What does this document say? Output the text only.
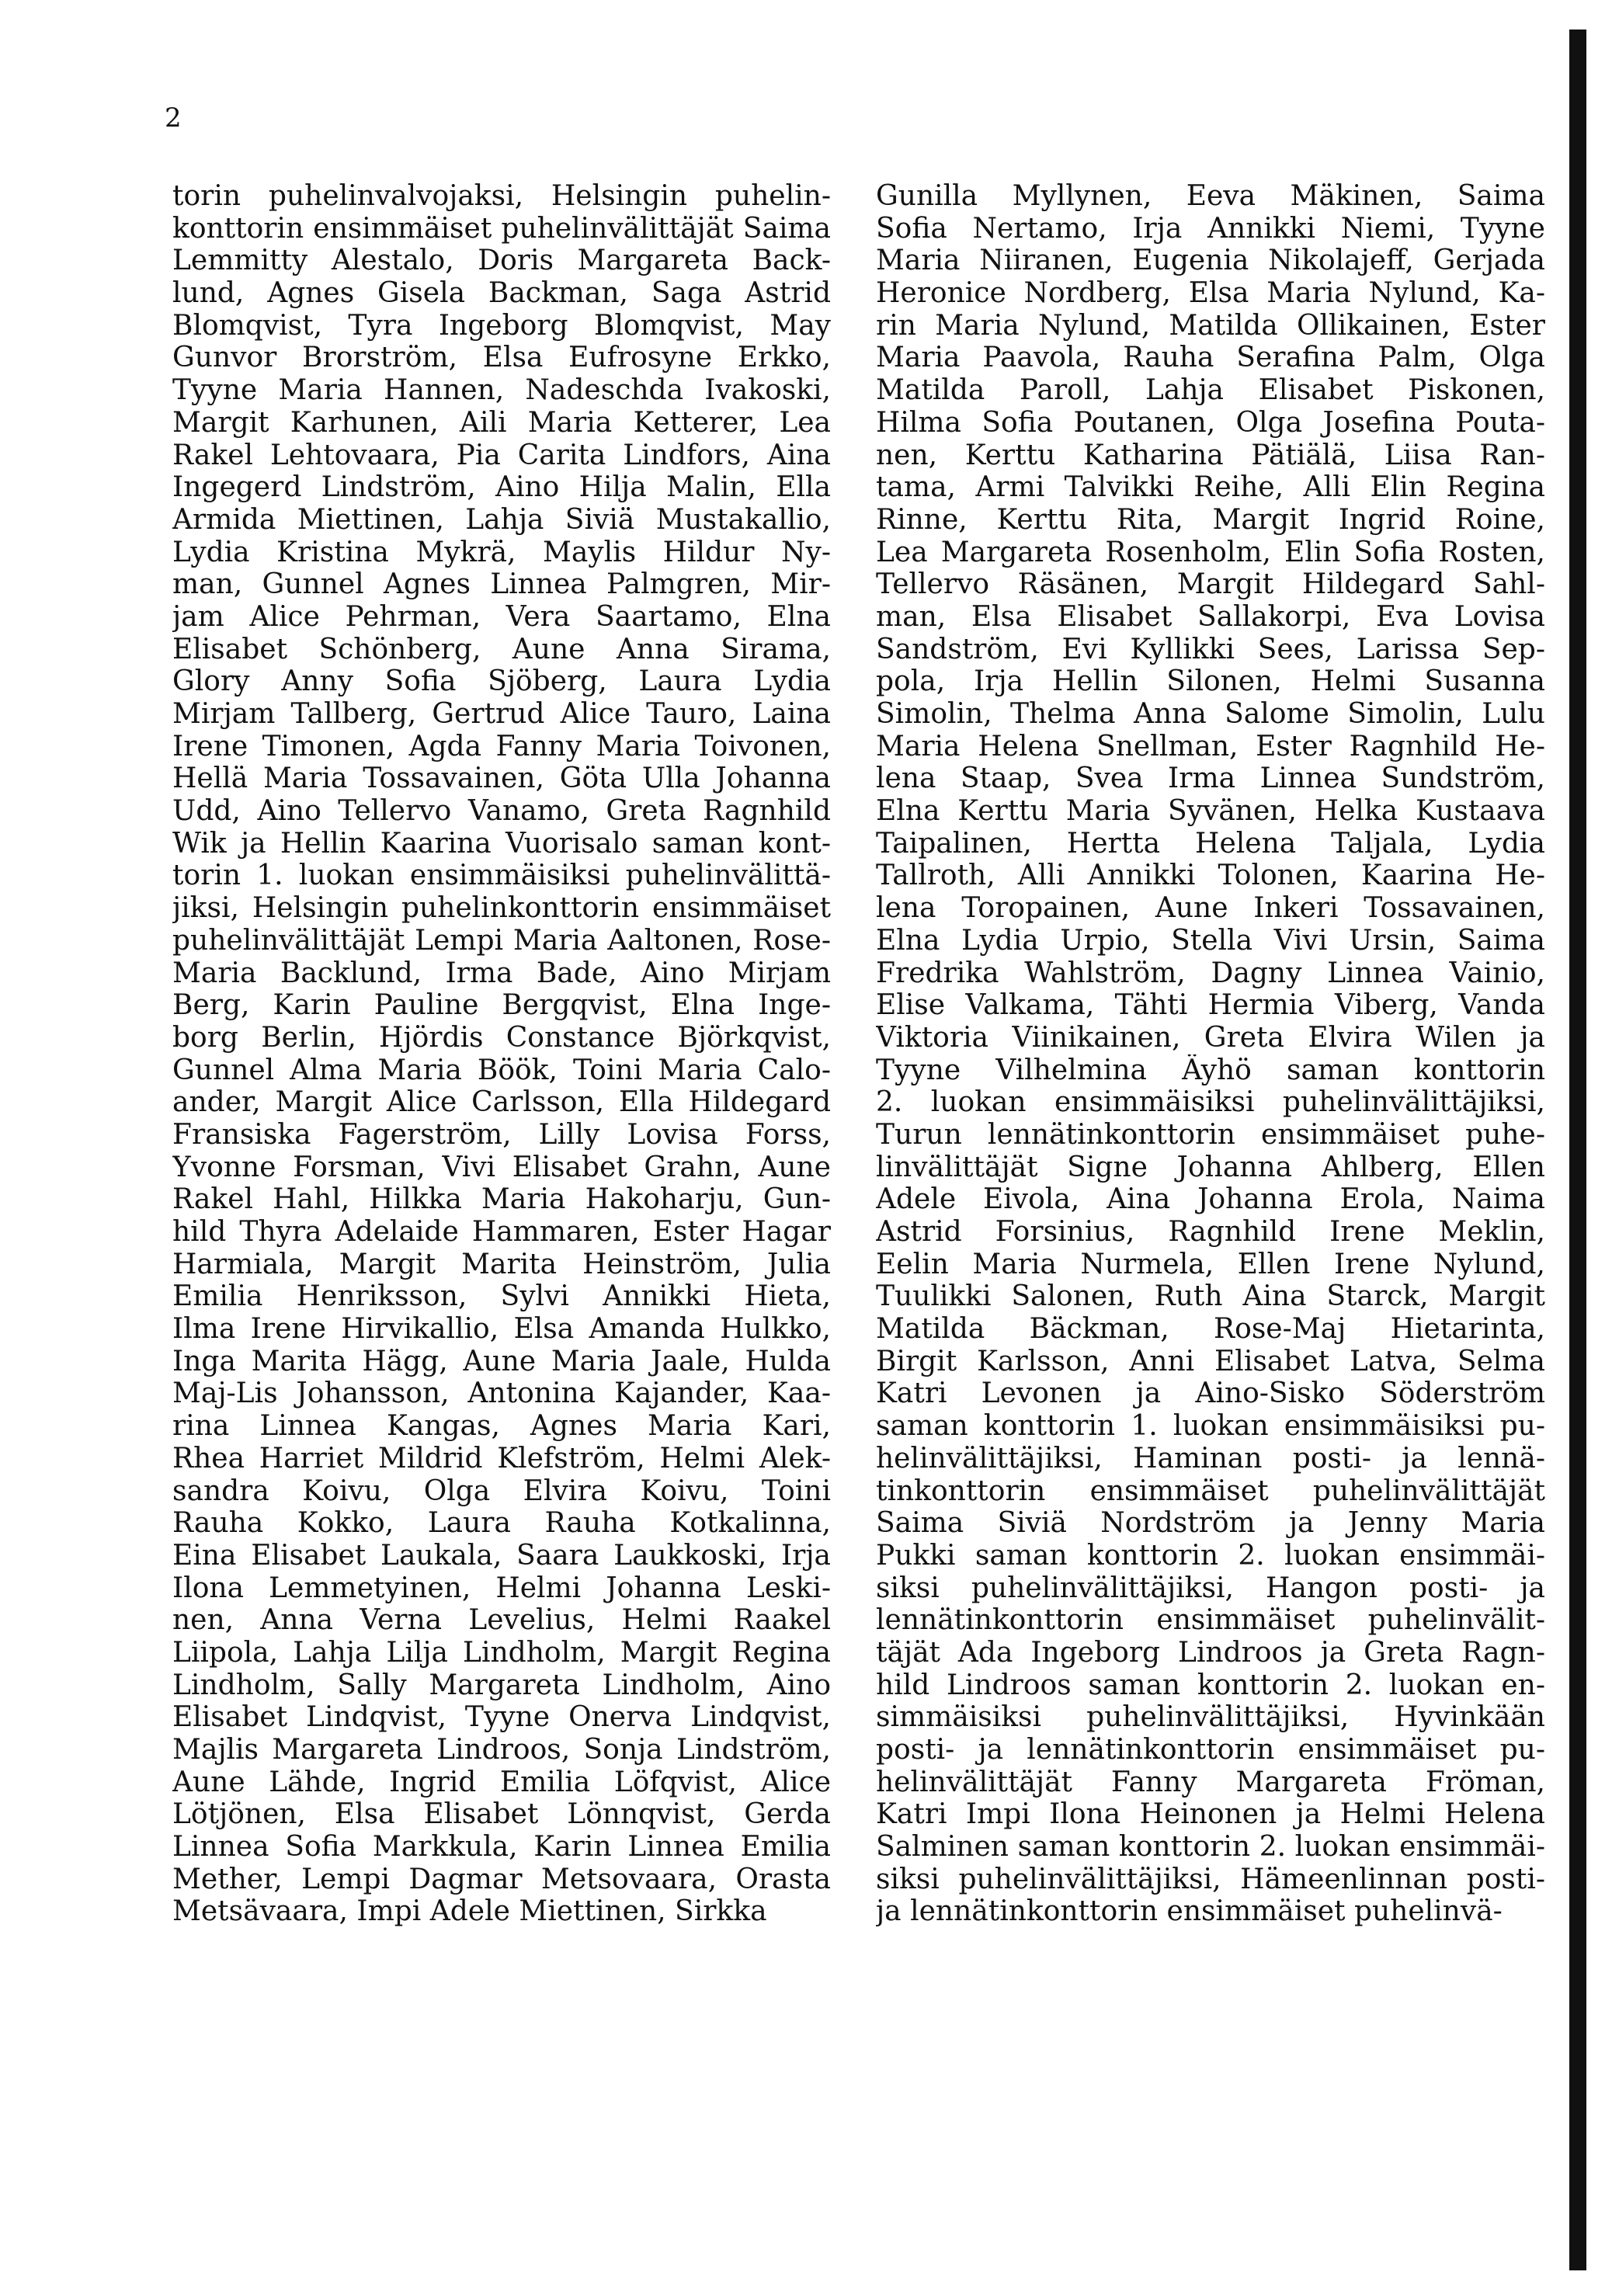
2
torin puhelinvalvojaksi, Helsingin puhelin-
konttorin ensimmäiset puhelinvälittäjät Saima
Lemmitty Alestalo, Doris Margareta Back-
lund, Agnes Gisela Backman, Saga Astrid
Blomqvist, Tyra Ingeborg Blomqvist, May
Gunvor Brorström, Elsa Eufrosyne Erkko,
Tyyne Maria Hannen, Nadeschda Ivakoski,
Margit Karhunen, Aili Maria Ketterer, Lea
Rakel Lehtovaara, Pia Carita Lindfors, Aina
Ingegerd Lindström, Aino Hilja Malin, Ella
Armida Miettinen, Lahja Siviä Mustakallio,
Lydia Kristina Mykrä, Maylis Hildur Ny-
man, Gunnel Agnes Linnea Palmgren, Mir-
jam Alice Pehrman, Vera Saartamo, Elna
Elisabet Schönberg, Aune Anna Sirama,
Glory Anny Sofia Sjöberg, Laura Lydia
Mirjam Tallberg, Gertrud Alice Tauro, Laina
Irene Timonen, Agda Fanny Maria Toivonen,
Hellä Maria Tossavainen, Göta Ulla Johanna
Udd, Aino Tellervo Vanamo, Greta Ragnhild
Wik ja Hellin Kaarina Vuorisalo saman kont-
torin 1. luokan ensimmäisiksi puhelinvälittä-
jiksi, Helsingin puhelinkonttorin ensimmäiset
puhelinvälittäjät Lempi Maria Aaltonen, Rose-
Maria Backlund, Irma Bade, Aino Mirjam
Berg, Karin Pauline Bergqvist, Elna Inge-
borg Berlin, Hjördis Constance Björkqvist,
Gunnel Alma Maria Böök, Toini Maria Calo-
ander, Margit Alice Carlsson, Ella Hildegard
Fransiska Fagerström, Lilly Lovisa Forss,
Yvonne Forsman, Vivi Elisabet Grahn, Aune
Rakel Hahl, Hilkka Maria Hakoharju, Gun-
hild Thyra Adelaide Hammaren, Ester Hagar
Harmiala, Margit Marita Heinström, Julia
Emilia Henriksson, Sylvi Annikki Hieta,
Ilma Irene Hirvikallio, Elsa Amanda Hulkko,
Inga Marita Hägg, Aune Maria Jaale, Hulda
Maj-Lis Johansson, Antonina Kajander, Kaa-
rina Linnea Kangas, Agnes Maria Kari,
Rhea Harriet Mildrid Klefström, Helmi Alek-
sandra Koivu, Olga Elvira Koivu, Toini
Rauha Kokko, Laura Rauha Kotkalinna,
Eina Elisabet Laukala, Saara Laukkoski, Irja
Ilona Lemmetyinen, Helmi Johanna Leski-
nen, Anna Verna Levelius, Helmi Raakel
Liipola, Lahja Lilja Lindholm, Margit Regina
Lindholm, Sally Margareta Lindholm, Aino
Elisabet Lindqvist, Tyyne Onerva Lindqvist,
Majlis Margareta Lindroos, Sonja Lindström,
Aune Lähde, Ingrid Emilia Löfqvist, Alice
Lötjönen, Elsa Elisabet Lönnqvist, Gerda
Linnea Sofia Markkula, Karin Linnea Emilia
Mether, Lempi Dagmar Metsovaara, Orasta
Metsävaara, Impi Adele Miettinen, Sirkka
Gunilla Myllynen, Eeva Mäkinen, Saima
Sofia Nertamo, Irja Annikki Niemi, Tyyne
Maria Niiranen, Eugenia Nikolajeff, Gerjada
Heronice Nordberg, Elsa Maria Nylund, Ka-
rin Maria Nylund, Matilda Ollikainen, Ester
Maria Paavola, Rauha Serafina Palm, Olga
Matilda Paroll, Lahja Elisabet Piskonen,
Hilma Sofia Poutanen, Olga Josefina Pouta-
nen, Kerttu Katharina Pätiälä, Liisa Ran-
tama, Armi Talvikki Reihe, Alli Elin Regina
Rinne, Kerttu Rita, Margit Ingrid Roine,
Lea Margareta Rosenholm, Elin Sofia Rosten,
Tellervo Räsänen, Margit Hildegard Sahl-
man, Elsa Elisabet Sallakorpi, Eva Lovisa
Sandström, Evi Kyllikki Sees, Larissa Sep-
pola, Irja Hellin Silonen, Helmi Susanna
Simolin, Thelma Anna Salome Simolin, Lulu
Maria Helena Snellman, Ester Ragnhild He-
lena Staap, Svea Irma Linnea Sundström,
Elna Kerttu Maria Syvänen, Helka Kustaava
Taipalinen, Hertta Helena Taljala, Lydia
Tallroth, Alli Annikki Tolonen, Kaarina He-
lena Toropainen, Aune Inkeri Tossavainen,
Elna Lydia Urpio, Stella Vivi Ursin, Saima
Fredrika Wahlström, Dagny Linnea Vainio,
Elise Valkama, Tähti Hermia Viberg, Vanda
Viktoria Viinikainen, Greta Elvira Wilen ja
Tyyne Vilhelmina Äyhö saman konttorin
2. luokan ensimmäisiksi puhelinvälittäjiksi,
Turun lennätinkonttorin ensimmäiset puhe-
linvälittäjät Signe Johanna Ahlberg, Ellen
Adele Eivola, Aina Johanna Erola, Naima
Astrid Forsinius, Ragnhild Irene Meklin,
Eelin Maria Nurmela, Ellen Irene Nylund,
Tuulikki Salonen, Ruth Aina Starck, Margit
Matilda Bäckman, Rose-Maj Hietarinta,
Birgit Karlsson, Anni Elisabet Latva, Selma
Katri Levonen ja Aino-Sisko Söderström
saman konttorin 1. luokan ensimmäisiksi pu-
helinvälittäjiksi, Haminan posti- ja lennä-
tinkonttorin ensimmäiset puhelinvälittäjät
Saima Siviä Nordström ja Jenny Maria
Pukki saman konttorin 2. luokan ensimmäi-
siksi puhelinvälittäjiksi, Hangon posti- ja
lennätinkonttorin ensimmäiset puhelinvälit-
täjät Ada Ingeborg Lindroos ja Greta Ragn-
hild Lindroos saman konttorin 2. luokan en-
simmäisiksi puhelinvälittäjiksi, Hyvinkään
posti- ja lennätinkonttorin ensimmäiset pu-
helinvälittäjät Fanny Margareta Fröman,
Katri Impi Ilona Heinonen ja Helmi Helena
Salminen saman konttorin 2. luokan ensimmäi-
siksi puhelinvälittäjiksi, Hämeenlinnan posti-
ja lennätinkonttorin ensimmäiset puhelinvä-
